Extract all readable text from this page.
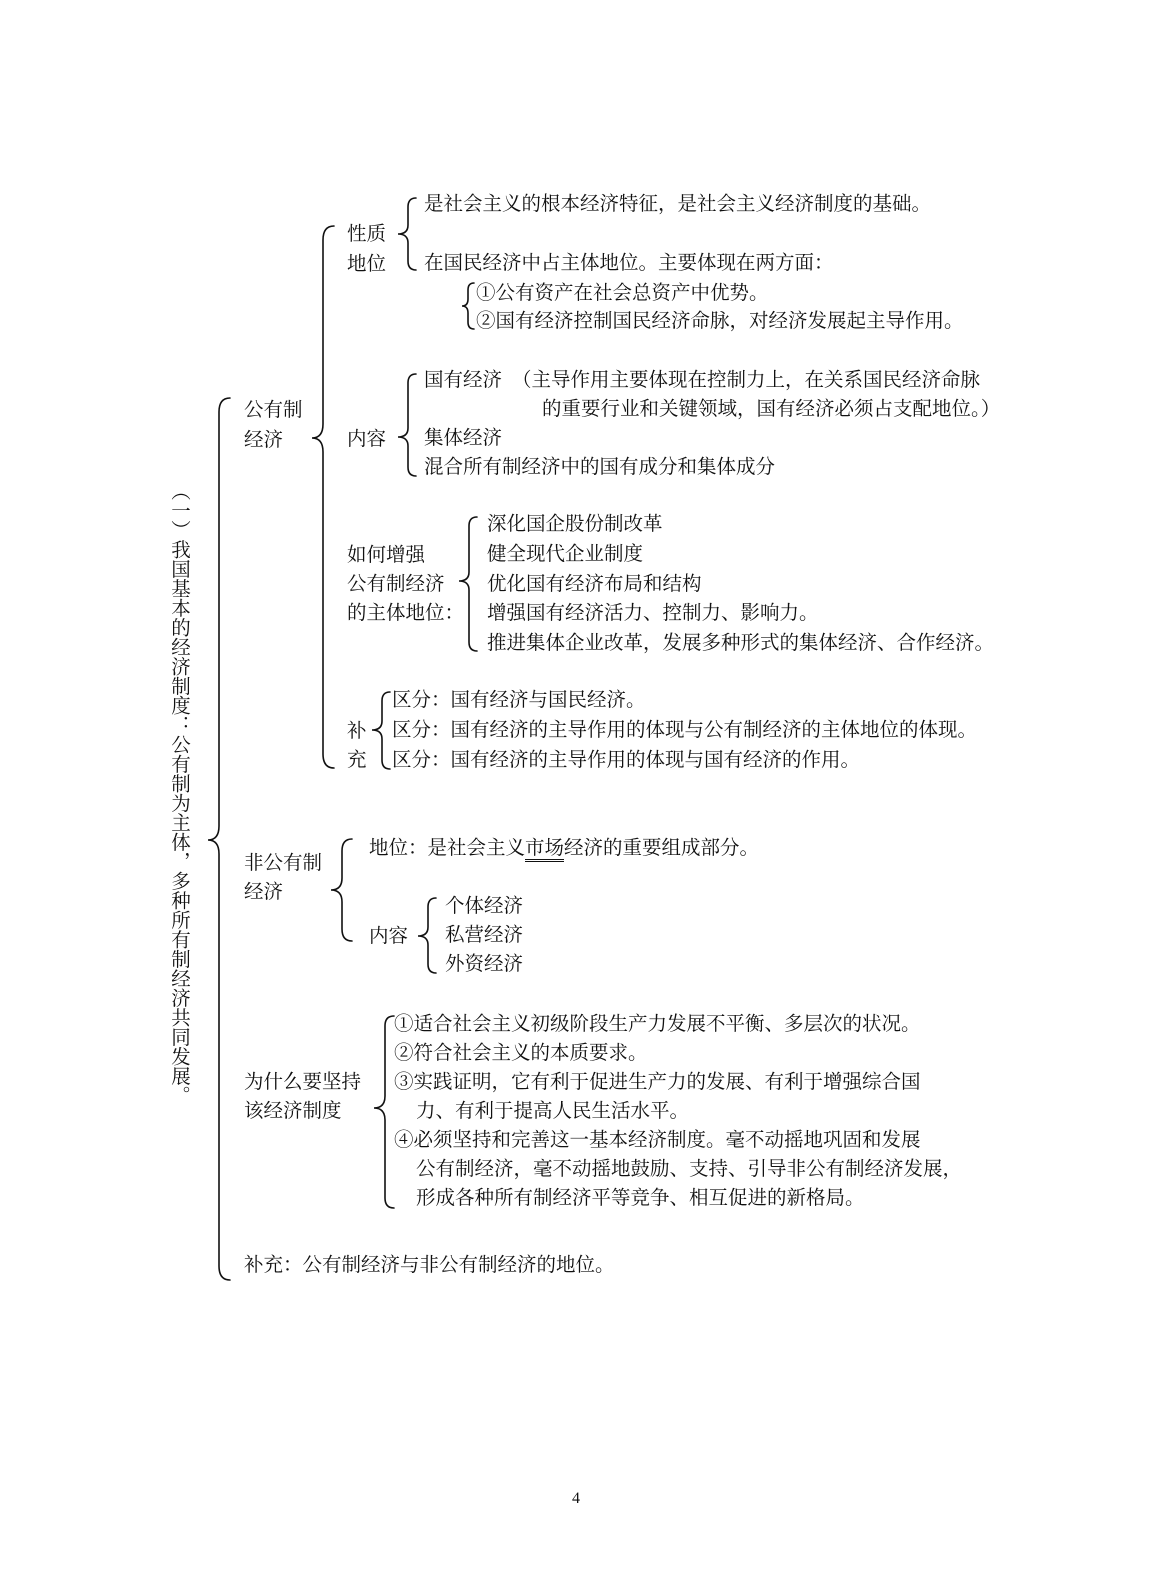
（一）我国基本的经济制度：公有制为主体，多种所有制经济共同发展。
公有制
经济
性质
地位
是社会主义的根本经济特征，是社会主义经济制度的基础。
在国民经济中占主体地位。主要体现在两方面：
①公有资产在社会总资产中优势。
②国有经济控制国民经济命脉，对经济发展起主导作用。
内容
国有经济 （主导作用主要体现在控制力上，在关系国民经济命脉
的重要行业和关键领域，国有经济必须占支配地位。）
集体经济
混合所有制经济中的国有成分和集体成分
如何增强
公有制经济
的主体地位：
深化国企股份制改革
健全现代企业制度
优化国有经济布局和结构
增强国有经济活力、控制力、影响力。
推进集体企业改革，发展多种形式的集体经济、合作经济。
补
充
区分：国有经济与国民经济。
区分：国有经济的主导作用的体现与公有制经济的主体地位的体现。
区分：国有经济的主导作用的体现与国有经济的作用。
非公有制
经济
地位：是社会主义市场经济的重要组成部分。
内容
个体经济
私营经济
外资经济
为什么要坚持
该经济制度
①适合社会主义初级阶段生产力发展不平衡、多层次的状况。
②符合社会主义的本质要求。
③实践证明，它有利于促进生产力的发展、有利于增强综合国
力、有利于提高人民生活水平。
④必须坚持和完善这一基本经济制度。毫不动摇地巩固和发展
公有制经济，毫不动摇地鼓励、支持、引导非公有制经济发展，
形成各种所有制经济平等竞争、相互促进的新格局。
补充：公有制经济与非公有制经济的地位。
4
